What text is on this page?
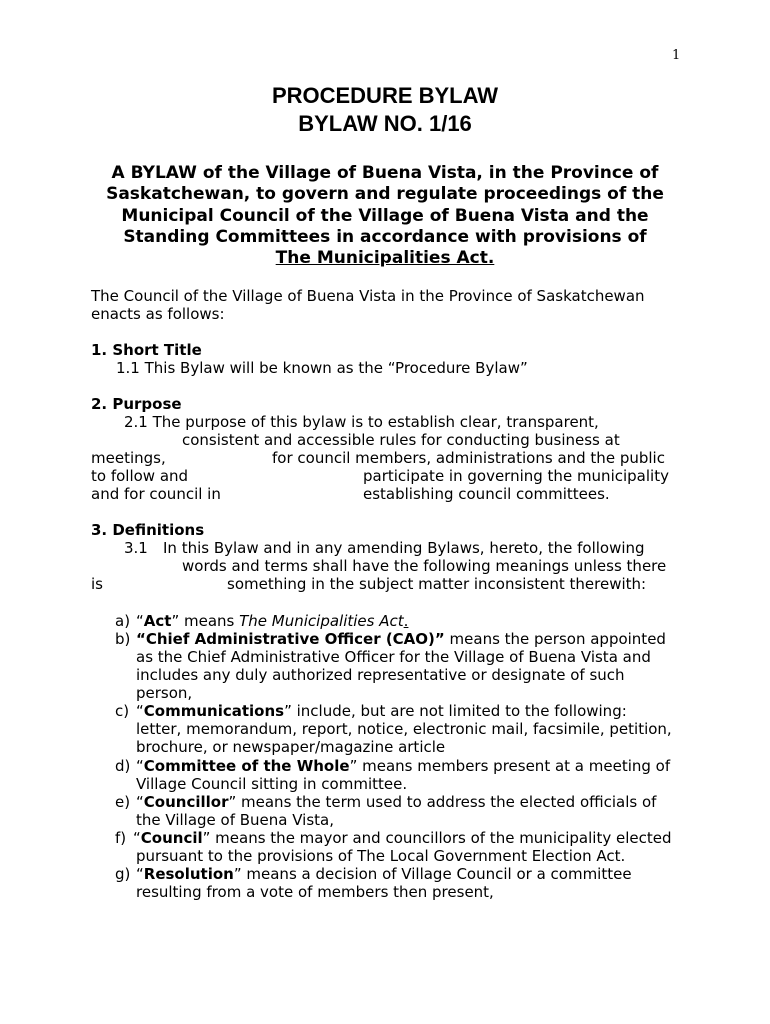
1
PROCEDURE BYLAW
BYLAW NO. 1/16
A BYLAW of the Village of Buena Vista, in the Province of
Saskatchewan, to govern and regulate proceedings of the
Municipal Council of the Village of Buena Vista and the
Standing Committees in accordance with provisions of
The Municipalities Act.
The Council of the Village of Buena Vista in the Province of Saskatchewan
enacts as follows:
1. Short Title
1.1 This Bylaw will be known as the “Procedure Bylaw”
2. Purpose
2.1 The purpose of this bylaw is to establish clear, transparent,
consistent and accessible rules for conducting business at
meetings,	for council members, administrations and the public
to follow and	participate in governing the municipality
and for council in	establishing council committees.
3. Definitions
3.1 In this Bylaw and in any amending Bylaws, hereto, the following
words and terms shall have the following meanings unless there
is	something in the subject matter inconsistent therewith:
a) “Act” means The Municipalities Act.
b) “Chief Administrative Officer (CAO)” means the person appointed
as the Chief Administrative Officer for the Village of Buena Vista and
includes any duly authorized representative or designate of such
person,
c) “Communications” include, but are not limited to the following:
letter, memorandum, report, notice, electronic mail, facsimile, petition,
brochure, or newspaper/magazine article
d) “Committee of the Whole” means members present at a meeting of
Village Council sitting in committee.
e) “Councillor” means the term used to address the elected officials of
the Village of Buena Vista,
f) “Council” means the mayor and councillors of the municipality elected
pursuant to the provisions of The Local Government Election Act.
g) “Resolution” means a decision of Village Council or a committee
resulting from a vote of members then present,
